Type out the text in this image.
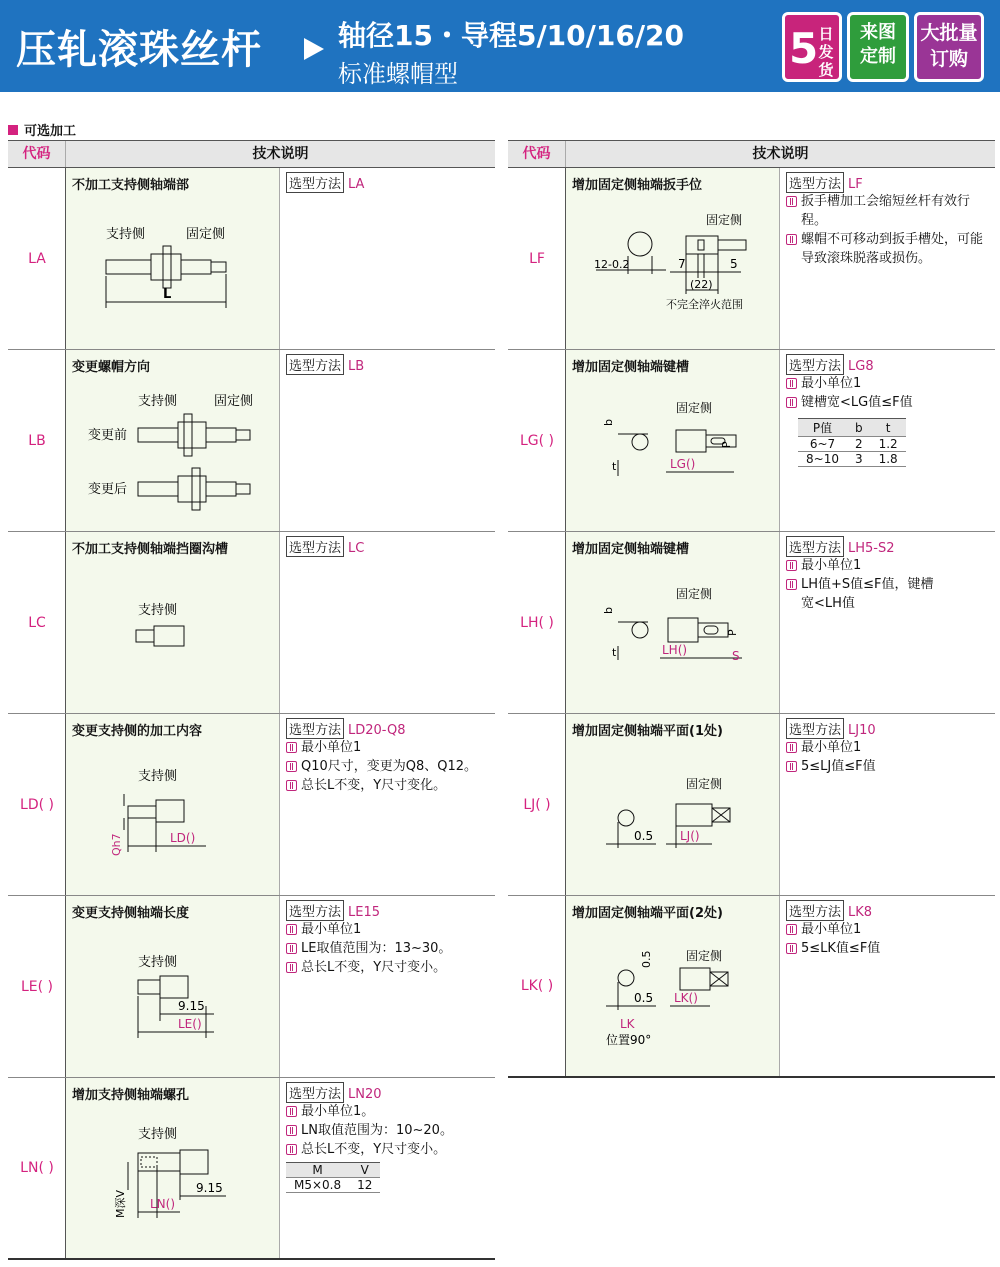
压轧滚珠丝杆	轴径15・导程5/10/16/20
标准螺帽型
5 日发货
来图
定制
大批量
订购
可选加工
代码	技术说明	代码	技术说明
LA
不加工支持侧轴端部
支持侧	固定侧
L
选型方法 LA
LB
变更螺帽方向
支持侧	固定侧
变更前
变更后
选型方法 LB
LC
不加工支持侧轴端挡圈沟槽
支持侧
选型方法 LC
LD( )
变更支持侧的加工内容
支持侧
Qh7	LD()
选型方法 LD20-Q8
最小单位1
Q10尺寸，变更为Q8、Q12。
总长L不变，Y尺寸变化。
LE( )
变更支持侧轴端长度
支持侧
9.15
LE()
选型方法 LE15
最小单位1
LE取值范围为：13~30。
总长L不变，Y尺寸变小。
LN( )
增加支持侧轴端螺孔
支持侧
M深V
9.15
LN()
选型方法 LN20
最小单位1。
LN取值范围为：10~20。
总长L不变，Y尺寸变小。
M	V
M5×0.8	12
LF
增加固定侧轴端扳手位
固定侧
12-0.2	7	5
(22)
不完全淬火范围
选型方法 LF
扳手槽加工会缩短丝杆有效行程。
螺帽不可移动到扳手槽处，可能导致滚珠脱落或损伤。
LG( )
增加固定侧轴端键槽
固定侧
b
t
P
LG()
选型方法 LG8
最小单位1
键槽宽<LG值≤F值
P值	b	t
6~7	2	1.2
8~10	3	1.8
LH( )
增加固定侧轴端键槽
固定侧
b
t
P
LH()	S
选型方法 LH5-S2
最小单位1
LH值+S值≤F值，键槽宽<LH值
LJ( )
增加固定侧轴端平面(1处)
固定侧
0.5 LJ()
选型方法 LJ10
最小单位1
5≤LJ值≤F值
LK( )
增加固定侧轴端平面(2处)
固定侧
0.5
0.5 LK()
LK
位置90°
选型方法 LK8
最小单位1
5≤LK值≤F值
